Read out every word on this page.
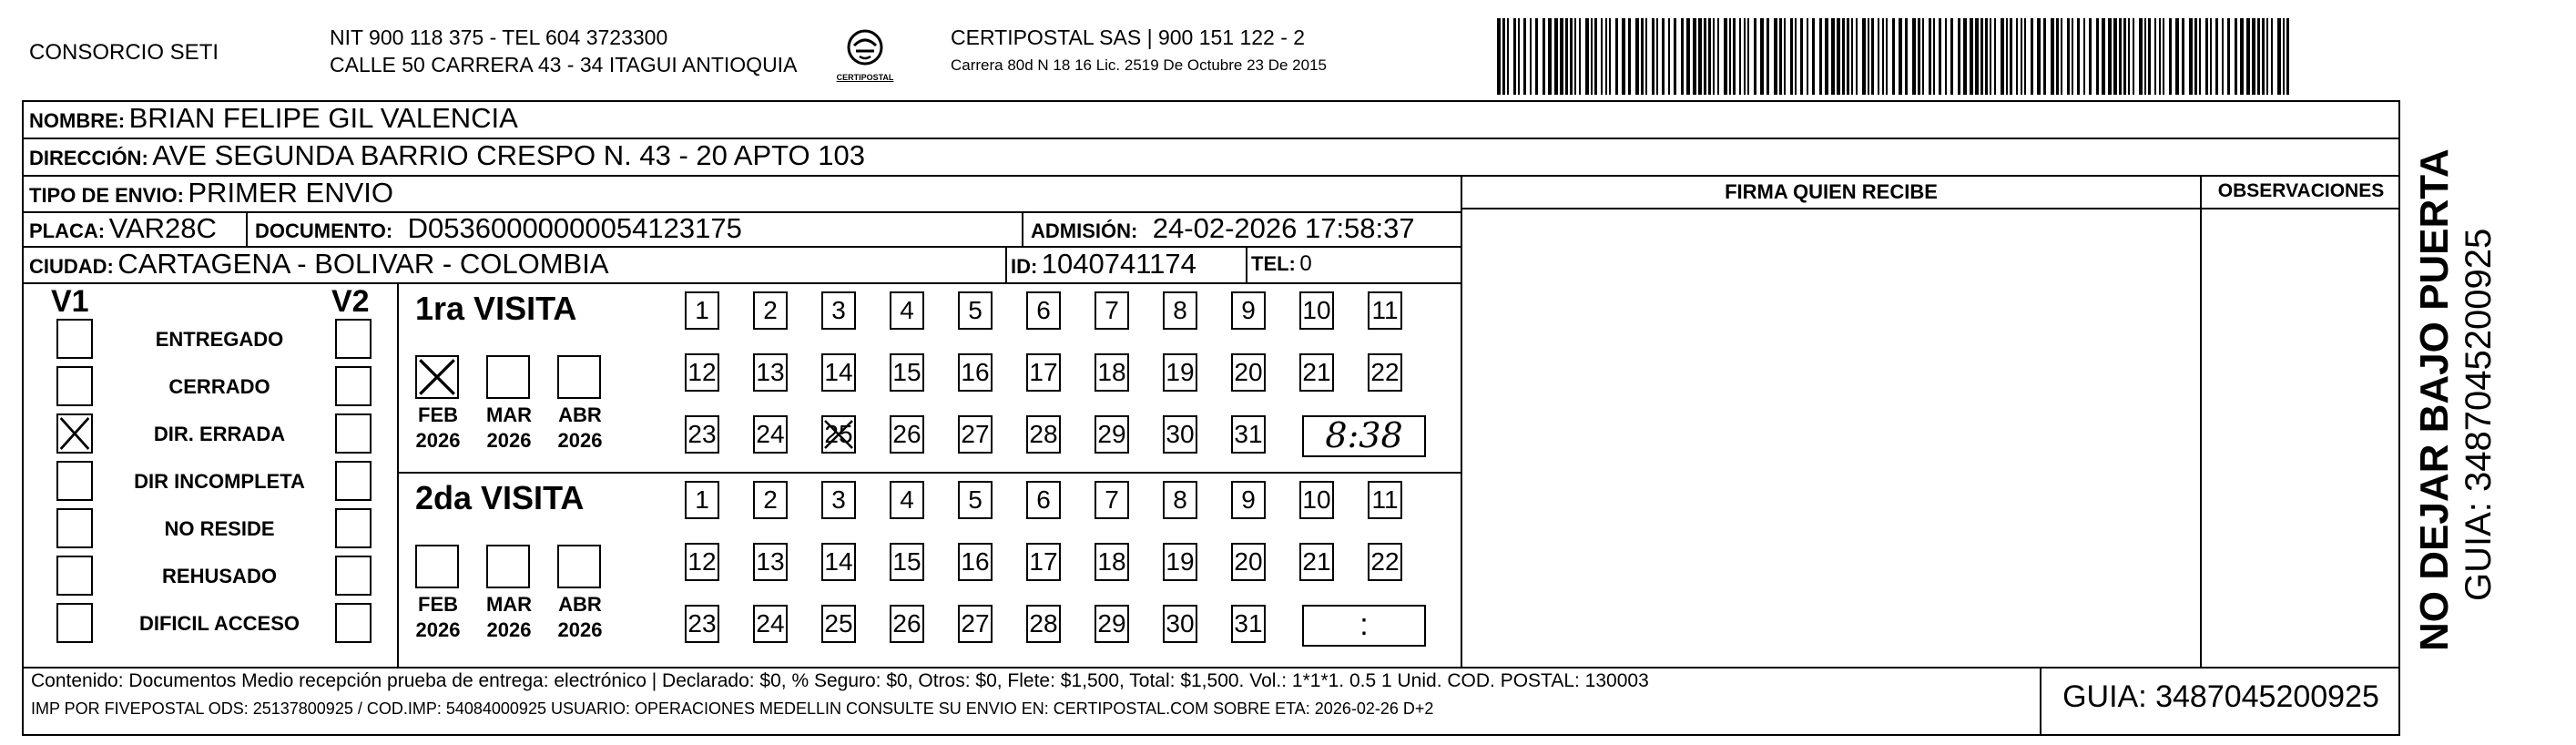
CONSORCIO SETI
NIT 900 118 375 - TEL 604 3723300
CALLE 50 CARRERA 43 - 34 ITAGUI ANTIOQUIA
CERTIPOSTAL
CERTIPOSTAL SAS | 900 151 122 - 2
Carrera 80d N 18 16 Lic. 2519 De Octubre 23 De 2015
NOMBRE: BRIAN FELIPE GIL VALENCIA
DIRECCIÓN: AVE SEGUNDA BARRIO CRESPO N. 43 - 20 APTO 103
TIPO DE ENVIO: PRIMER ENVIO	FIRMA QUIEN RECIBE	OBSERVACIONES
PLACA: VAR28C DOCUMENTO: D05360000000054123175	ADMISIÓN: 24-02-2026 17:58:37
CIUDAD: CARTAGENA - BOLIVAR - COLOMBIA	ID: 1040741174	TEL: 0
V1	V2
ENTREGADO
CERRADO
DIR. ERRADA
DIR INCOMPLETA
NO RESIDE
REHUSADO
DIFICIL ACCESO
1ra VISITA
FEB
2026
MAR
2026
ABR
2026
1	2	3	4	5	6	7	8	9	10 11
12 13 14 15 16 17 18 19 20 21 22
23 24 25 26 27 28 29 30 31	8:38
2da VISITA
FEB
2026
MAR
2026
ABR
2026
1	2	3	4	5	6	7	8	9	10 11
12 13 14 15 16 17 18 19 20 21 22
23 24 25 26 27 28 29 30 31	:
Contenido: Documentos Medio recepción prueba de entrega: electrónico | Declarado: $0, % Seguro: $0, Otros: $0, Flete: $1,500, Total: $1,500. Vol.: 1*1*1. 0.5 1 Unid. COD. POSTAL: 130003
IMP POR FIVEPOSTAL ODS: 25137800925 / COD.IMP: 54084000925 USUARIO: OPERACIONES MEDELLIN CONSULTE SU ENVIO EN: CERTIPOSTAL.COM SOBRE ETA: 2026-02-26 D+2	GUIA: 3487045200925
NO DEJAR BAJO PUERTA GUIA: 3487045200925
